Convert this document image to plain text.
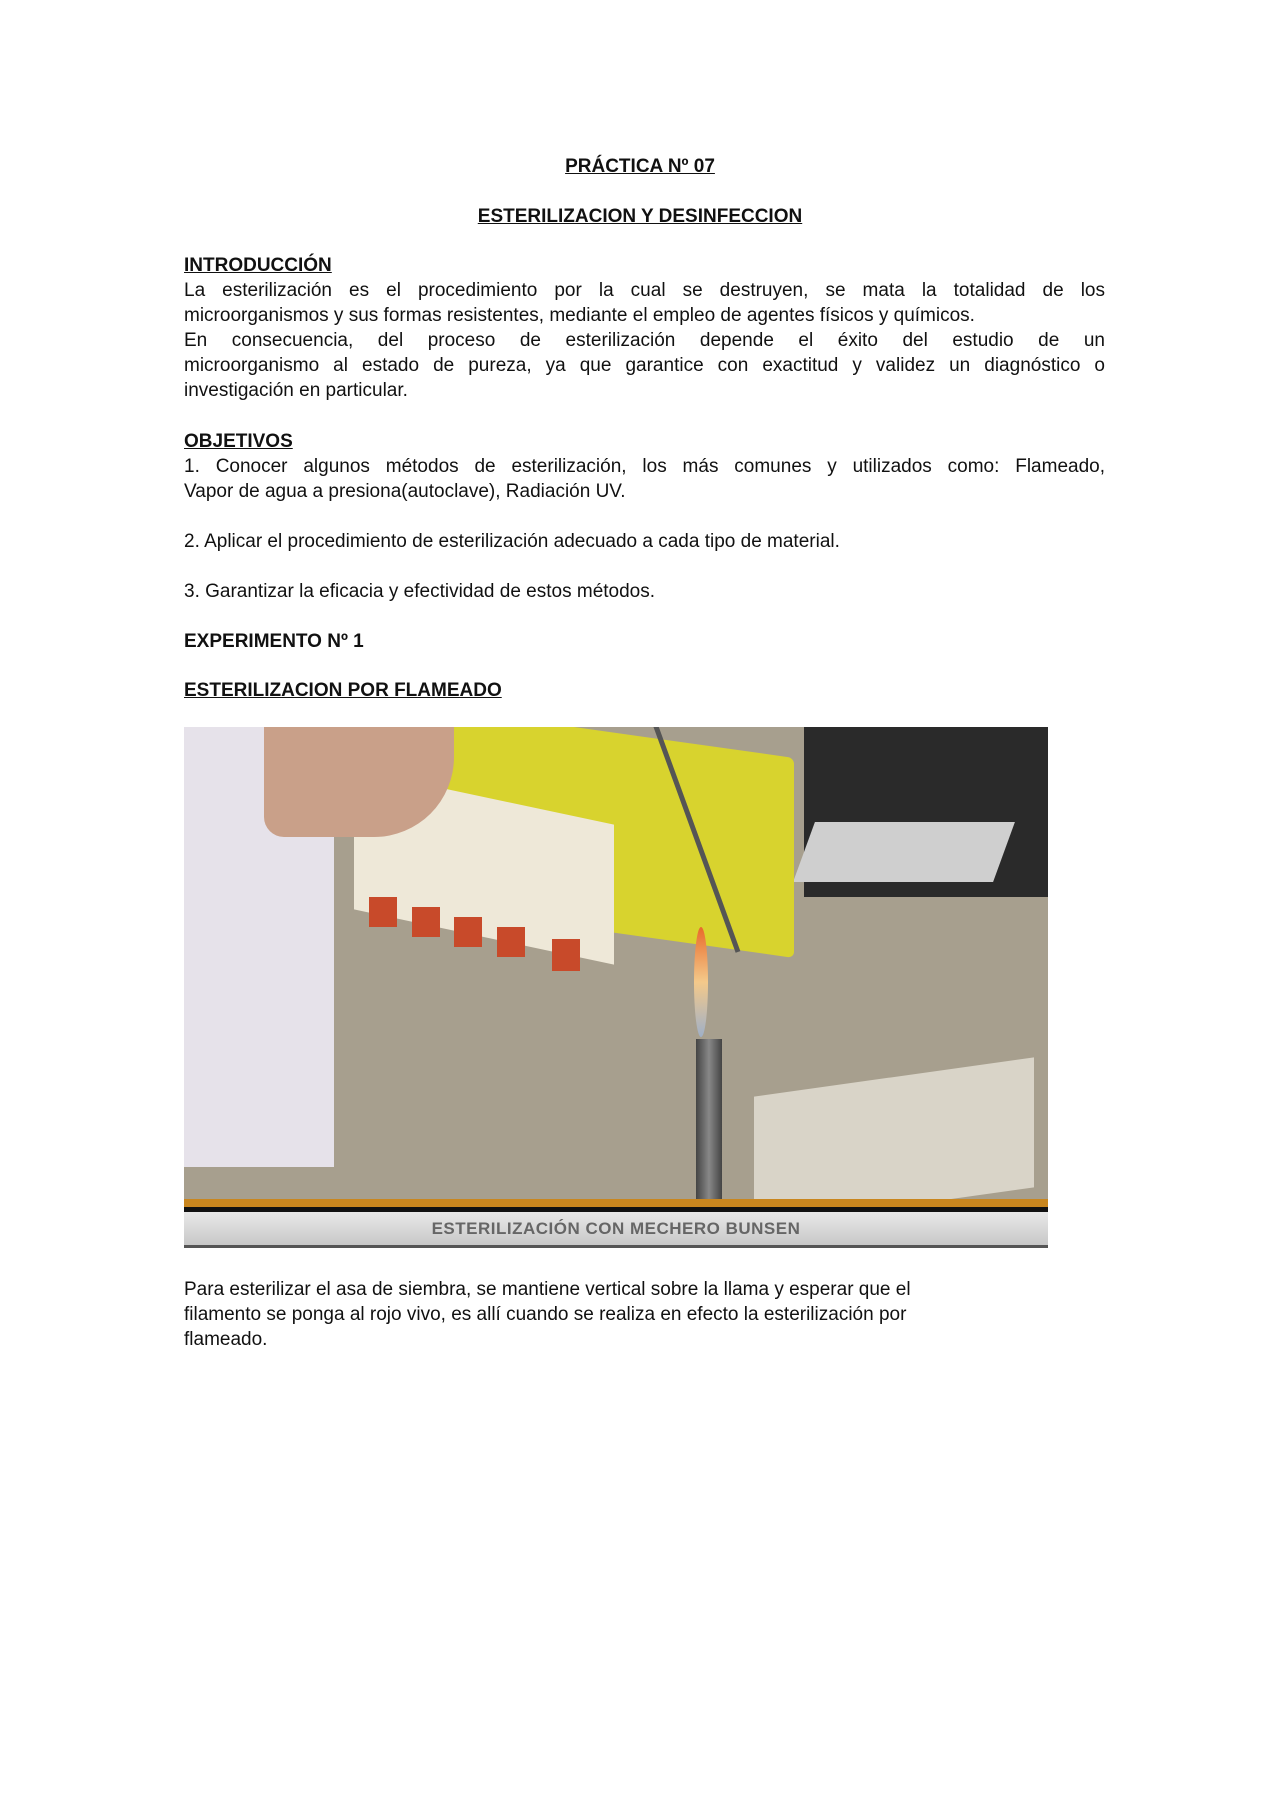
PRÁCTICA Nº 07
ESTERILIZACION Y DESINFECCION
INTRODUCCIÓN
La esterilización es el procedimiento por la cual se destruyen, se mata la totalidad de los
microorganismos y sus formas resistentes, mediante el empleo de agentes físicos y químicos.
En consecuencia, del proceso de esterilización depende el éxito del estudio de un
microorganismo al estado de pureza, ya que garantice con exactitud y validez un diagnóstico o
investigación en particular.
OBJETIVOS
1. Conocer algunos métodos de esterilización, los más comunes y utilizados como: Flameado,
Vapor de agua a presiona(autoclave), Radiación UV.
2. Aplicar el procedimiento de esterilización adecuado a cada tipo de material.
3. Garantizar la eficacia y efectividad de estos métodos.
EXPERIMENTO Nº 1
ESTERILIZACION POR FLAMEADO
ESTERILIZACIÓN CON MECHERO BUNSEN
Para esterilizar el asa de siembra, se mantiene vertical sobre la llama y esperar que el
filamento se ponga al rojo vivo, es allí cuando se realiza en efecto la esterilización por
flameado.
